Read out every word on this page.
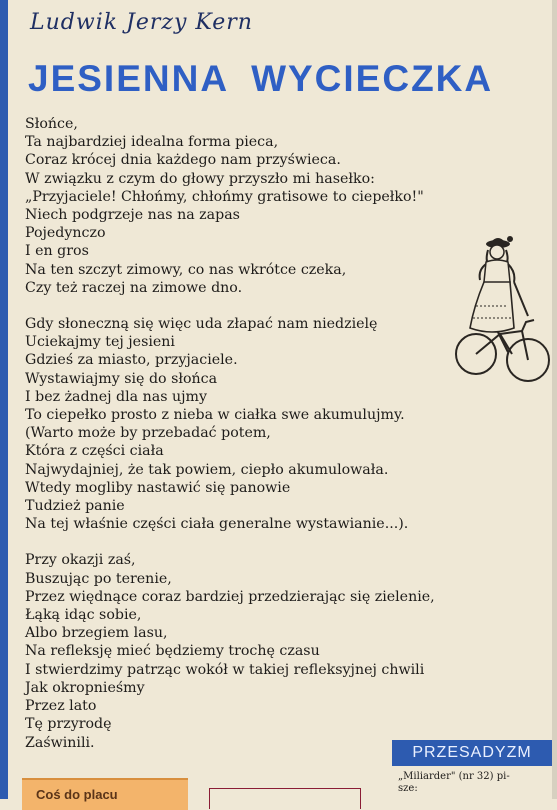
Ludwik Jerzy Kern
JESIENNA WYCIECZKA
Słońce,
Ta najbardziej idealna forma pieca,
Coraz krócej dnia każdego nam przyświeca.
W związku z czym do głowy przyszło mi hasełko:
„Przyjaciele! Chłońmy, chłońmy gratisowe to ciepełko!"
Niech podgrzeje nas na zapas
Pojedynczo
I en gros
Na ten szczyt zimowy, co nas wkrótce czeka,
Czy też raczej na zimowe dno.
Gdy słoneczną się więc uda złapać nam niedzielę
Uciekajmy tej jesieni
Gdzieś za miasto, przyjaciele.
Wystawiajmy się do słońca
I bez żadnej dla nas ujmy
To ciepełko prosto z nieba w ciałka swe akumulujmy.
(Warto może by przebadać potem,
Która z części ciała
Najwydajniej, że tak powiem, ciepło akumulowała.
Wtedy mogliby nastawić się panowie
Tudzież panie
Na tej właśnie części ciała generalne wystawianie...).
Przy okazji zaś,
Buszując po terenie,
Przez więdnące coraz bardziej przedzierając się zielenie,
Łąką idąc sobie,
Albo brzegiem lasu,
Na refleksję mieć będziemy trochę czasu
I stwierdzimy patrząc wokół w takiej refleksyjnej chwili
Jak okropnieśmy
Przez lato
Tę przyrodę
Zaświnili.
PRZESADYZM
„Miliarder" (nr 32) pi-
sze:
Coś do placu
